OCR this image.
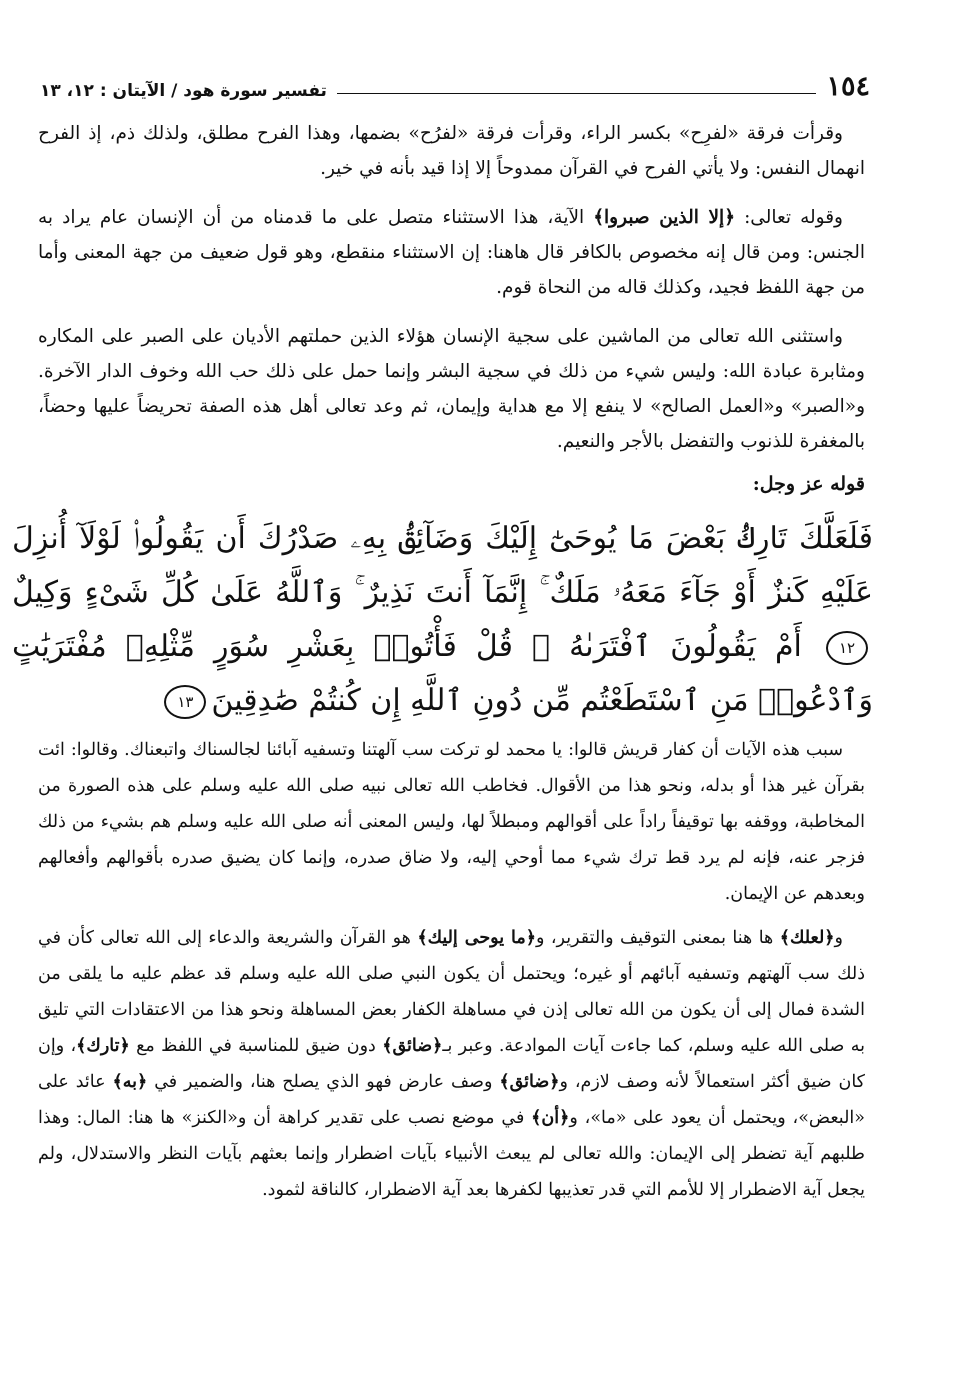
١٥٤
تفسير سورة هود / الآيتان : ١٢، ١٣

وقرأت فرقة «لفرِح» بكسر الراء، وقرأت فرقة «لفرُح» بضمها، وهذا الفرح مطلق، ولذلك ذم، إذ الفرح انهمال النفس: ولا يأتي الفرح في القرآن ممدوحاً إلا إذا قيد بأنه في خير.

وقوله تعالى: ﴿إلا الذين صبروا﴾ الآية، هذا الاستثناء متصل على ما قدمناه من أن الإنسان عام يراد به الجنس: ومن قال إنه مخصوص بالكافر قال هاهنا: إن الاستثناء منقطع، وهو قول ضعيف من جهة المعنى وأما من جهة اللفظ فجيد، وكذلك قاله من النحاة قوم.

واستثنى الله تعالى من الماشين على سجية الإنسان هؤلاء الذين حملتهم الأديان على الصبر على المكاره ومثابرة عبادة الله: وليس شيء من ذلك في سجية البشر وإنما حمل على ذلك حب الله وخوف الدار الآخرة. و«الصبر» و«العمل الصالح» لا ينفع إلا مع هداية وإيمان، ثم وعد تعالى أهل هذه الصفة تحريضاً عليها وحضاً، بالمغفرة للذنوب والتفضل بالأجر والنعيم.

قوله عز وجل:

فَلَعَلَّكَ تَارِكُۢ بَعْضَ مَا يُوحَىٰٓ إِلَيْكَ وَضَآئِقُۢ بِهِۦ صَدْرُكَ أَن يَقُولُوا۟ لَوْلَآ أُنزِلَ عَلَيْهِ كَنزٌ أَوْ جَآءَ مَعَهُۥ مَلَكٌ ۚ إِنَّمَآ أَنتَ نَذِيرٌ ۚ وَٱللَّهُ عَلَىٰ كُلِّ شَىْءٍ وَكِيلٌ١٢ أَمْ يَقُولُونَ ٱفْتَرَىٰهُ ۖ قُلْ فَأْتُوا۟ بِعَشْرِ سُوَرٍ مِّثْلِهِۦ مُفْتَرَيَٰتٍ وَٱدْعُوا۟ مَنِ ٱسْتَطَعْتُم مِّن دُونِ ٱللَّهِ إِن كُنتُمْ صَٰدِقِينَ١٣

سبب هذه الآيات أن كفار قريش قالوا: يا محمد لو تركت سب آلهتنا وتسفيه آبائنا لجالسناك واتبعناك. وقالوا: ائت بقرآن غير هذا أو بدله، ونحو هذا من الأقوال. فخاطب الله تعالى نبيه صلى الله عليه وسلم على هذه الصورة من المخاطبة، ووقفه بها توقيفاً راداً على أقوالهم ومبطلاً لها، وليس المعنى أنه صلى الله عليه وسلم هم بشيء من ذلك فزجر عنه، فإنه لم يرد قط ترك شيء مما أوحي إليه، ولا ضاق صدره، وإنما كان يضيق صدره بأقوالهم وأفعالهم وبعدهم عن الإيمان.

و﴿لعلك﴾ ها هنا بمعنى التوقيف والتقرير، و﴿ما يوحى إليك﴾ هو القرآن والشريعة والدعاء إلى الله تعالى كأن في ذلك سب آلهتهم وتسفيه آبائهم أو غيره؛ ويحتمل أن يكون النبي صلى الله عليه وسلم قد عظم عليه ما يلقى من الشدة فمال إلى أن يكون من الله تعالى إذن في مساهلة الكفار بعض المساهلة ونحو هذا من الاعتقادات التي تليق به صلى الله عليه وسلم، كما جاءت آيات الموادعة. وعبر بـ﴿ضائق﴾ دون ضيق للمناسبة في اللفظ مع ﴿تارك﴾، وإن كان ضيق أكثر استعمالاً لأنه وصف لازم، و﴿ضائق﴾ وصف عارض فهو الذي يصلح هنا، والضمير في ﴿به﴾ عائد على «البعض»، ويحتمل أن يعود على «ما»، و﴿أن﴾ في موضع نصب على تقدير كراهة أن و«الكنز» ها هنا: المال: وهذا طلبهم آية تضطر إلى الإيمان: والله تعالى لم يبعث الأنبياء بآيات اضطرار وإنما بعثهم بآيات النظر والاستدلال، ولم يجعل آية الاضطرار إلا للأمم التي قدر تعذيبها لكفرها بعد آية الاضطرار، كالناقة لثمود.
